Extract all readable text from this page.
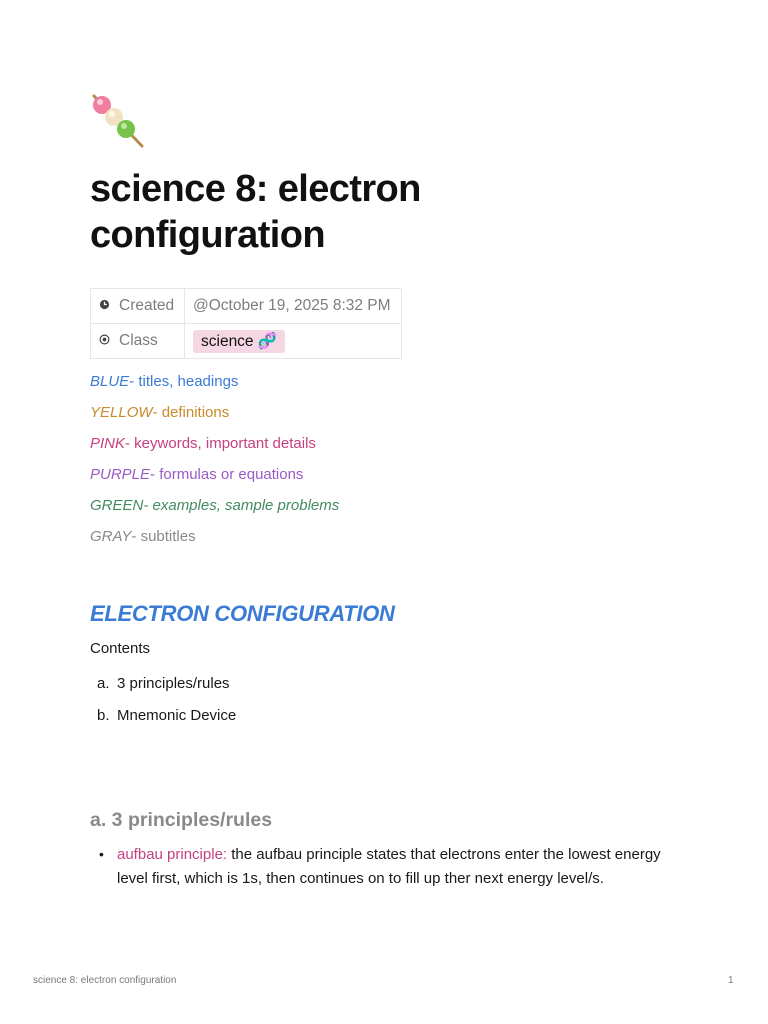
science 8: electron configuration
Created	@October 19, 2025 8:32 PM
Class	science 🧬
BLUE- titles, headings
YELLOW- definitions
PINK- keywords, important details
PURPLE- formulas or equations
GREEN- examples, sample problems
GRAY- subtitles
ELECTRON CONFIGURATION
Contents
a. 3 principles/rules
b. Mnemonic Device
a. 3 principles/rules
• aufbau principle: the aufbau principle states that electrons enter the lowest energy level first, which is 1s, then continues on to fill up ther next energy level/s.
science 8: electron configuration	1
